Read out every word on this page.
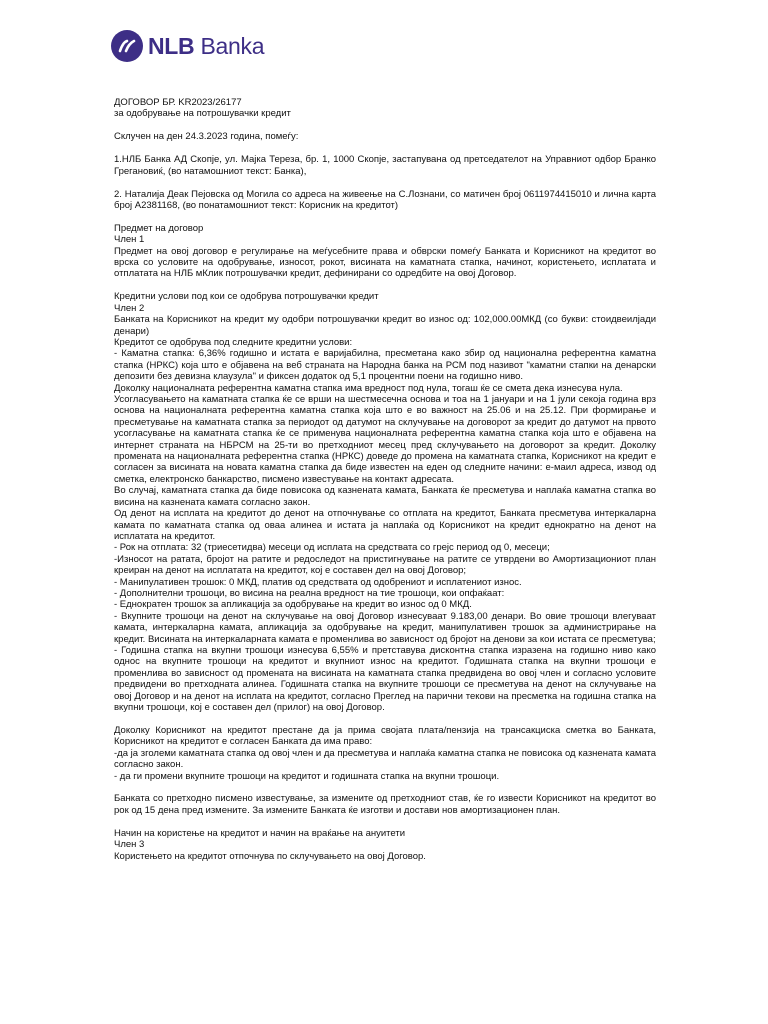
NLB Banka

ДОГОВОР БР. KR2023/26177

за одобрување на потрошувачки кредит

Склучен на ден 24.3.2023 година, помеѓу:

1.НЛБ Банка АД Скопје, ул. Мајка Тереза, бр. 1, 1000 Скопје, застапувана од претседателот на Управниот одбор Бранко Грегановиќ, (во натамошниот текст: Банка),

2. Наталија Деак Пејовска од Могила со адреса на живеење на С.Лознани, со матичен број 0611974415010 и лична карта број A2381168, (во понатамошниот текст: Корисник на кредитот)

Предмет на договор

Член 1

Предмет на овој договор е регулирање на меѓусебните права и обврски помеѓу Банката и Корисникот на кредитот во врска со условите на одобрување, износот, рокот, висината на каматната стапка, начинот, користењето, исплатата и отплатата на НЛБ мКлик потрошувачки кредит, дефинирани со одредбите на овој Договор.

Кредитни услови под кои се одобрува потрошувачки кредит

Член 2

Банката на Корисникот на кредит му одобри потрошувачки кредит во износ од: 102,000.00МКД (со букви: стоидвеилјади денари)

Кредитот се одобрува под следните кредитни услови:

- Каматна стапка: 6,36% годишно и истата е варијабилна, пресметана како збир од национална референтна каматна стапка (НРКС) која што е објавена на веб страната на Народна банка на РСМ под називот "каматни стапки на денарски депозити без девизна клаузула" и фиксен додаток од 5,1 процентни поени на годишно ниво.

Доколку националната референтна каматна стапка има вредност под нула, тогаш ќе се смета дека изнесува нула.

Усогласувањето на каматната стапка ќе се врши на шестмесечна основа и тоа на 1 јануари и на 1 јули секоја година врз основа на националната референтна каматна стапка која што е во важност на 25.06 и на 25.12. При формирање и пресметување на каматната стапка за периодот од датумот на склучување на договорот за кредит до датумот на првото усогласување на каматната стапка ќе се применува националната референтна каматна стапка која што е објавена на интернет страната на НБРСМ на 25-ти во претходниот месец пред склучувањето на договорот за кредит. Доколку промената на националната референтна стапка (НРКС) доведе до промена на каматната стапка, Корисникот на кредит е согласен за висината на новата каматна стапка да биде известен на еден од следните начини: е-маил адреса, извод од сметка, електронско банкарство, писмено известување на контакт адресата.

Во случај, каматната стапка да биде повисока од казнената камата, Банката ќе пресметува и наплаќа каматна стапка во висина на казнената камата согласно закон.

Од денот на исплата на кредитот до денот на отпочнување со отплата на кредитот, Банката пресметува интеркаларна камата по каматната стапка од оваа алинеа и истата ја наплаќа од Корисникот на кредит еднократно на денот на исплатата на кредитот.

- Рок на отплата: 32 (триесетидва) месеци од исплата на средствата со грејс период од 0, месеци;

-Износот на ратата, бројот на ратите и редоследот на пристигнување на ратите се утврдени во Амортизациониот план креиран на денот на исплатата на кредитот, кој е составен дел на овој Договор;

- Манипулативен трошок: 0 МКД, платив од средствата од одобрениот и исплатениот износ.

- Дополнителни трошоци, во висина на реална вредност на тие трошоци, кои опфаќаат:

- Еднократен трошок за апликација за одобрување на кредит во износ од 0 МКД.

- Вкупните трошоци на денот на склучување на овој Договор изнесуваат 9.183,00 денари. Во овие трошоци влегуваат камата, интеркаларна камата, апликација за одобрување на кредит, манипулативен трошок за администрирање на кредит. Висината на интеркаларната камата е променлива во зависност од бројот на денови за кои истата се пресметува;

- Годишна стапка на вкупни трошоци изнесува 6,55% и претставува дисконтна стапка изразена на годишно ниво како однос на вкупните трошоци на кредитот и вкупниот износ на кредитот. Годишната стапка на вкупни трошоци е променлива во зависност од промената на висината на каматната стапка предвидена во овој член и согласно условите предвидени во претходната алинеа. Годишната стапка на вкупните трошоци се пресметува на денот на склучување на овој Договор и на денот на исплата на кредитот, согласно Преглед на парични текови на пресметка на годишна стапка на вкупни трошоци, кој е составен дел (прилог) на овој Договор.

Доколку Корисникот на кредитот престане да ја прима својата плата/пензија на трансакциска сметка во Банката, Корисникот на кредитот е согласен Банката да има право:

-да ја зголеми каматната стапка од овој член и да пресметува и наплаќа каматна стапка не повисока од казнената камата согласно закон.

- да ги промени вкупните трошоци на кредитот и годишната стапка на вкупни трошоци.

Банката со претходно писмено известување, за измените од претходниот став, ќе го извести Корисникот на кредитот во рок од 15 дена пред измените. За измените Банката ќе изготви и достави нов амортизационен план.

Начин на користење на кредитот и начин на враќање на ануитети

Член 3

Користењето на кредитот отпочнува по склучувањето на овој Договор.
